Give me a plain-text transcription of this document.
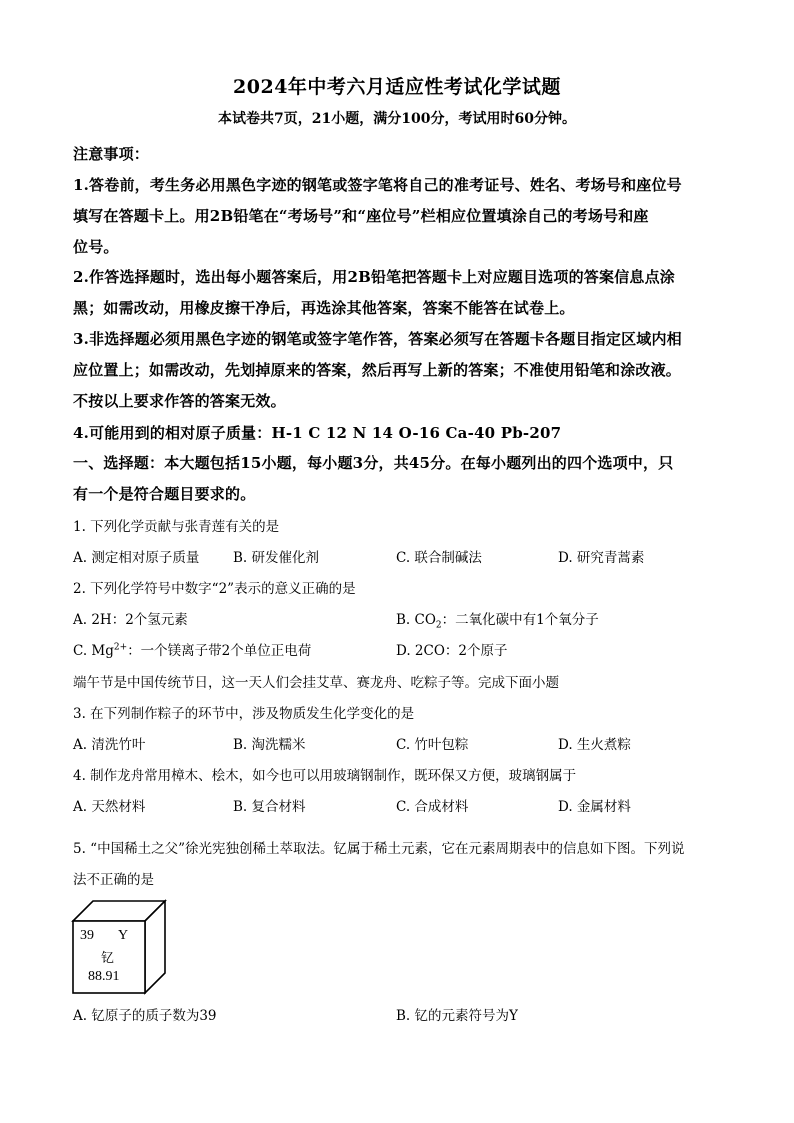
2024年中考六月适应性考试化学试题
本试卷共7页，21小题，满分100分，考试用时60分钟。
注意事项：
1.答卷前，考生务必用黑色字迹的钢笔或签字笔将自己的准考证号、姓名、考场号和座位号
填写在答题卡上。用2B铅笔在“考场号”和“座位号”栏相应位置填涂自己的考场号和座
位号。
2.作答选择题时，选出每小题答案后，用2B铅笔把答题卡上对应题目选项的答案信息点涂
黑；如需改动，用橡皮擦干净后，再选涂其他答案，答案不能答在试卷上。
3.非选择题必须用黑色字迹的钢笔或签字笔作答，答案必须写在答题卡各题目指定区域内相
应位置上；如需改动，先划掉原来的答案，然后再写上新的答案；不准使用铅笔和涂改液。
不按以上要求作答的答案无效。
4.可能用到的相对原子质量：H-1 C 12 N 14 O-16 Ca-40 Pb-207
一、选择题：本大题包括15小题，每小题3分，共45分。在每小题列出的四个选项中，只
有一个是符合题目要求的。
1. 下列化学贡献与张青莲有关的是
A. 测定相对原子质量 B. 研发催化剂	C. 联合制碱法	D. 研究青蒿素
2. 下列化学符号中数字“2”表示的意义正确的是
A. 2H：2个氢元素	B. $CO_2$：二氧化碳中有1个氧分子
C. $Mg^{2+}$：一个镁离子带2个单位正电荷	D. 2CO：2个原子
端午节是中国传统节日，这一天人们会挂艾草、赛龙舟、吃粽子等。完成下面小题
3. 在下列制作粽子的环节中，涉及物质发生化学变化的是
A. 清洗竹叶	B. 淘洗糯米	C. 竹叶包粽	D. 生火煮粽
4. 制作龙舟常用樟木、桧木，如今也可以用玻璃钢制作，既环保又方便，玻璃钢属于
A. 天然材料	B. 复合材料	C. 合成材料	D. 金属材料
5. “中国稀土之父”徐光宪独创稀土萃取法。钇属于稀土元素，它在元素周期表中的信息如下图。下列说
法不正确的是
39 Y
钇
88.91
A. 钇原子的质子数为39	B. 钇的元素符号为Y
